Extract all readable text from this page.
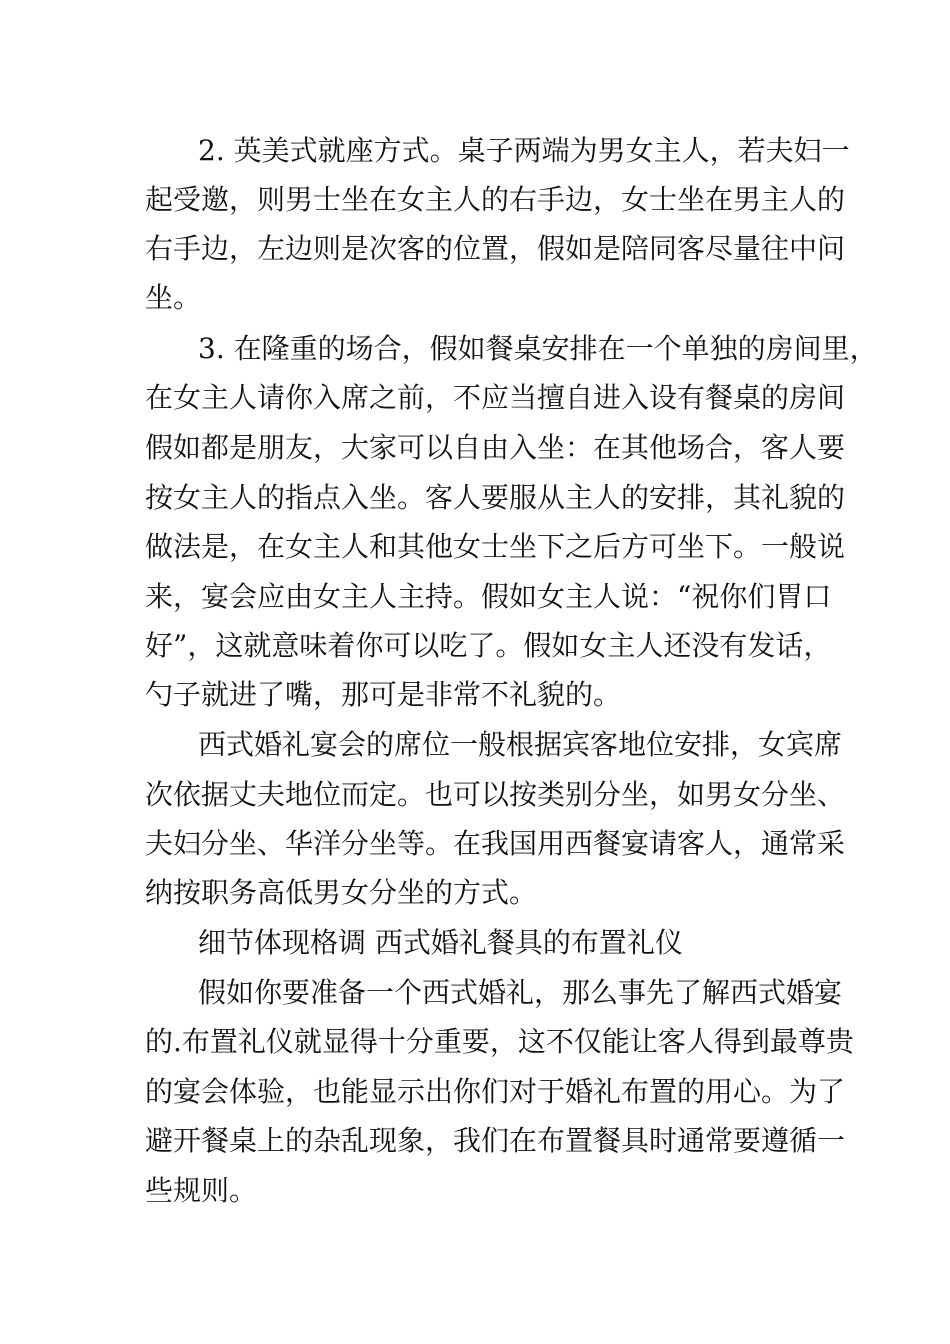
2. 英美式就座方式。桌子两端为男女主人，若夫妇一
起受邀，则男士坐在女主人的右手边，女士坐在男主人的
右手边，左边则是次客的位置，假如是陪同客尽量往中问
坐。
3. 在隆重的场合，假如餐桌安排在一个单独的房间里，
在女主人请你入席之前，不应当擅自进入设有餐桌的房间
假如都是朋友，大家可以自由入坐：在其他场合，客人要
按女主人的指点入坐。客人要服从主人的安排，其礼貌的
做法是，在女主人和其他女士坐下之后方可坐下。一般说
来，宴会应由女主人主持。假如女主人说：“祝你们胃口
好”，这就意味着你可以吃了。假如女主人还没有发话，
勺子就进了嘴，那可是非常不礼貌的。
西式婚礼宴会的席位一般根据宾客地位安排，女宾席
次依据丈夫地位而定。也可以按类别分坐，如男女分坐、
夫妇分坐、华洋分坐等。在我国用西餐宴请客人，通常采
纳按职务高低男女分坐的方式。
细节体现格调 西式婚礼餐具的布置礼仪
假如你要准备一个西式婚礼，那么事先了解西式婚宴
的.布置礼仪就显得十分重要，这不仅能让客人得到最尊贵
的宴会体验，也能显示出你们对于婚礼布置的用心。为了
避开餐桌上的杂乱现象，我们在布置餐具时通常要遵循一
些规则。
